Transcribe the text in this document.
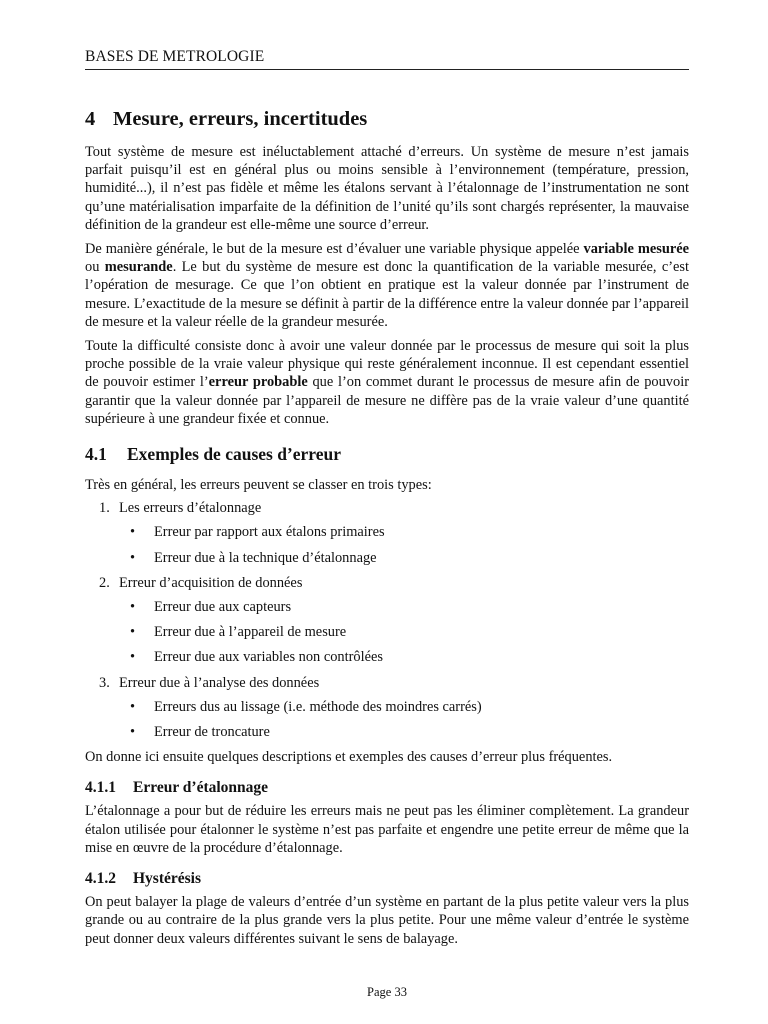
BASES DE METROLOGIE
4 Mesure, erreurs, incertitudes

Tout système de mesure est inéluctablement attaché d’erreurs. Un système de mesure n’est jamais parfait puisqu’il est en général plus ou moins sensible à l’environnement (température, pression, humidité...), il n’est pas fidèle et même les étalons servant à l’étalonnage de l’instrumentation ne sont qu’une matérialisation imparfaite de la définition de l’unité qu’ils sont chargés représenter, la mauvaise définition de la grandeur est elle-même une source d’erreur.

De manière générale, le but de la mesure est d’évaluer une variable physique appelée variable mesurée ou mesurande. Le but du système de mesure est donc la quantification de la variable mesurée, c’est l’opération de mesurage. Ce que l’on obtient en pratique est la valeur donnée par l’instrument de mesure. L’exactitude de la mesure se définit à partir de la différence entre la valeur donnée par l’appareil de mesure et la valeur réelle de la grandeur mesurée.

Toute la difficulté consiste donc à avoir une valeur donnée par le processus de mesure qui soit la plus proche possible de la vraie valeur physique qui reste généralement inconnue. Il est cependant essentiel de pouvoir estimer l’erreur probable que l’on commet durant le processus de mesure afin de pouvoir garantir que la valeur donnée par l’appareil de mesure ne diffère pas de la vraie valeur d’une quantité supérieure à une grandeur fixée et connue.

4.1 Exemples de causes d’erreur

Très en général, les erreurs peuvent se classer en trois types:

1. Les erreurs d’étalonnage
• Erreur par rapport aux étalons primaires
• Erreur due à la technique d’étalonnage
2. Erreur d’acquisition de données
• Erreur due aux capteurs
• Erreur due à l’appareil de mesure
• Erreur due aux variables non contrôlées
3. Erreur due à l’analyse des données
• Erreurs dus au lissage (i.e. méthode des moindres carrés)
• Erreur de troncature

On donne ici ensuite quelques descriptions et exemples des causes d’erreur plus fréquentes.

4.1.1 Erreur d’étalonnage

L’étalonnage a pour but de réduire les erreurs mais ne peut pas les éliminer complètement. La grandeur étalon utilisée pour étalonner le système n’est pas parfaite et engendre une petite erreur de même que la mise en œuvre de la procédure d’étalonnage.

4.1.2 Hystérésis

On peut balayer la plage de valeurs d’entrée d’un système en partant de la plus petite valeur vers la plus grande ou au contraire de la plus grande vers la plus petite. Pour une même valeur d’entrée le système peut donner deux valeurs différentes suivant le sens de balayage.

Page 33
